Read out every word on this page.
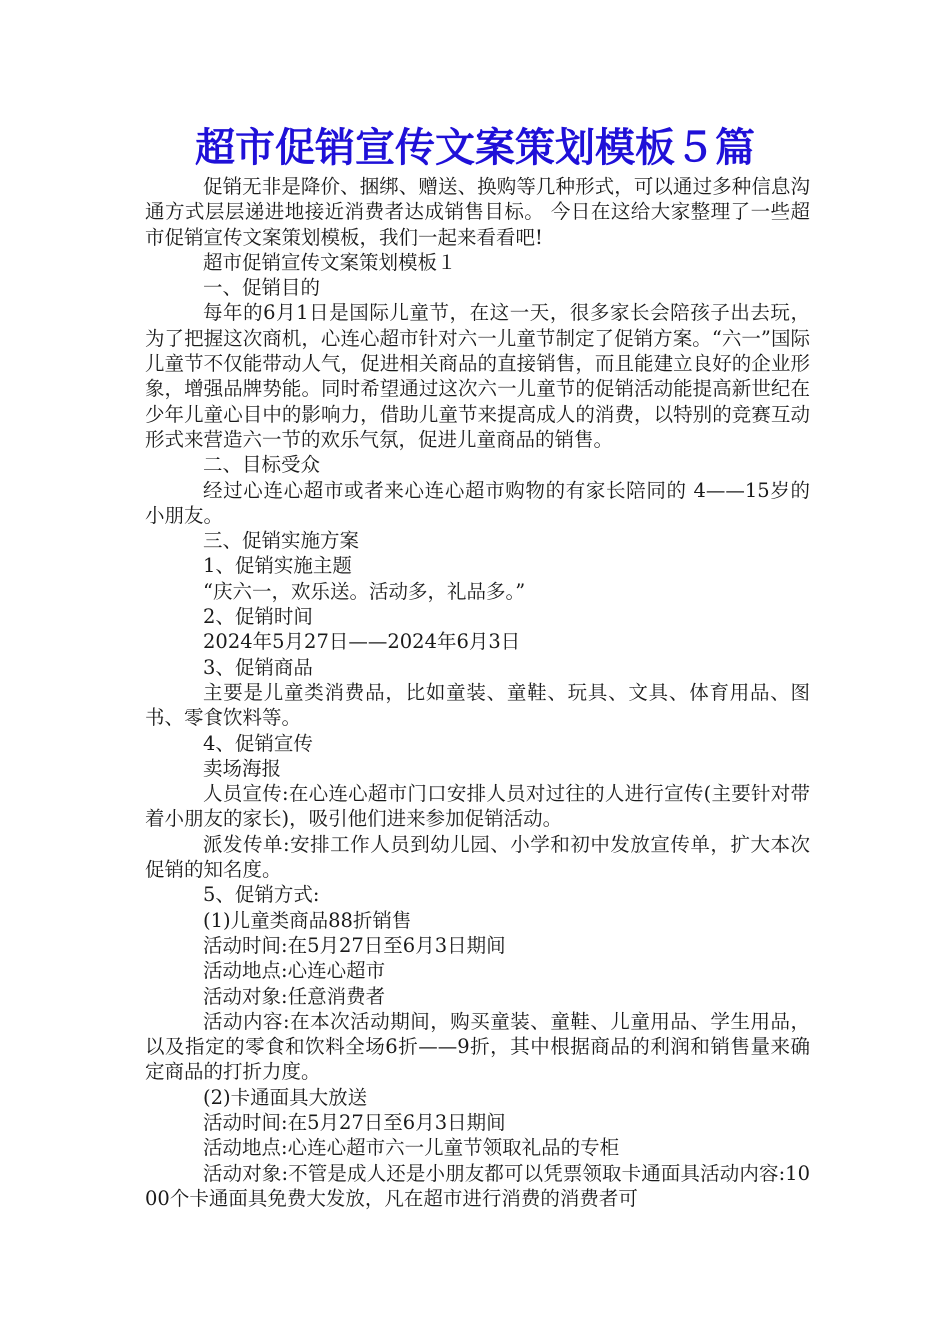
超市促销宣传文案策划模板５篇

促销无非是降价、捆绑、赠送、换购等几种形式，可以通过多种信息沟通方式层层递进地接近消费者达成销售目标。 今日在这给大家整理了一些超市促销宣传文案策划模板，我们一起来看看吧!

超市促销宣传文案策划模板１

一、促销目的

每年的6月1日是国际儿童节，在这一天，很多家长会陪孩子出去玩，为了把握这次商机，心连心超市针对六一儿童节制定了促销方案。“六一”国际儿童节不仅能带动人气，促进相关商品的直接销售，而且能建立良好的企业形象，增强品牌势能。同时希望通过这次六一儿童节的促销活动能提高新世纪在少年儿童心目中的影响力，借助儿童节来提高成人的消费，以特别的竞赛互动形式来营造六一节的欢乐气氛，促进儿童商品的销售。

二、目标受众

经过心连心超市或者来心连心超市购物的有家长陪同的 4——15岁的小朋友。

三、促销实施方案

1、促销实施主题

“庆六一，欢乐送。活动多，礼品多。”

2、促销时间

2024年5月27日——2024年6月3日

3、促销商品

主要是儿童类消费品，比如童装、童鞋、玩具、文具、体育用品、图书、零食饮料等。

4、促销宣传

卖场海报

人员宣传:在心连心超市门口安排人员对过往的人进行宣传(主要针对带着小朋友的家长)，吸引他们进来参加促销活动。

派发传单:安排工作人员到幼儿园、小学和初中发放宣传单，扩大本次促销的知名度。

5、促销方式:

(1)儿童类商品88折销售

活动时间:在5月27日至6月3日期间

活动地点:心连心超市

活动对象:任意消费者

活动内容:在本次活动期间，购买童装、童鞋、儿童用品、学生用品，以及指定的零食和饮料全场6折——9折，其中根据商品的利润和销售量来确定商品的打折力度。

(2)卡通面具大放送

活动时间:在5月27日至6月3日期间

活动地点:心连心超市六一儿童节领取礼品的专柜

活动对象:不管是成人还是小朋友都可以凭票领取卡通面具活动内容:1000个卡通面具免费大发放，凡在超市进行消费的消费者可
